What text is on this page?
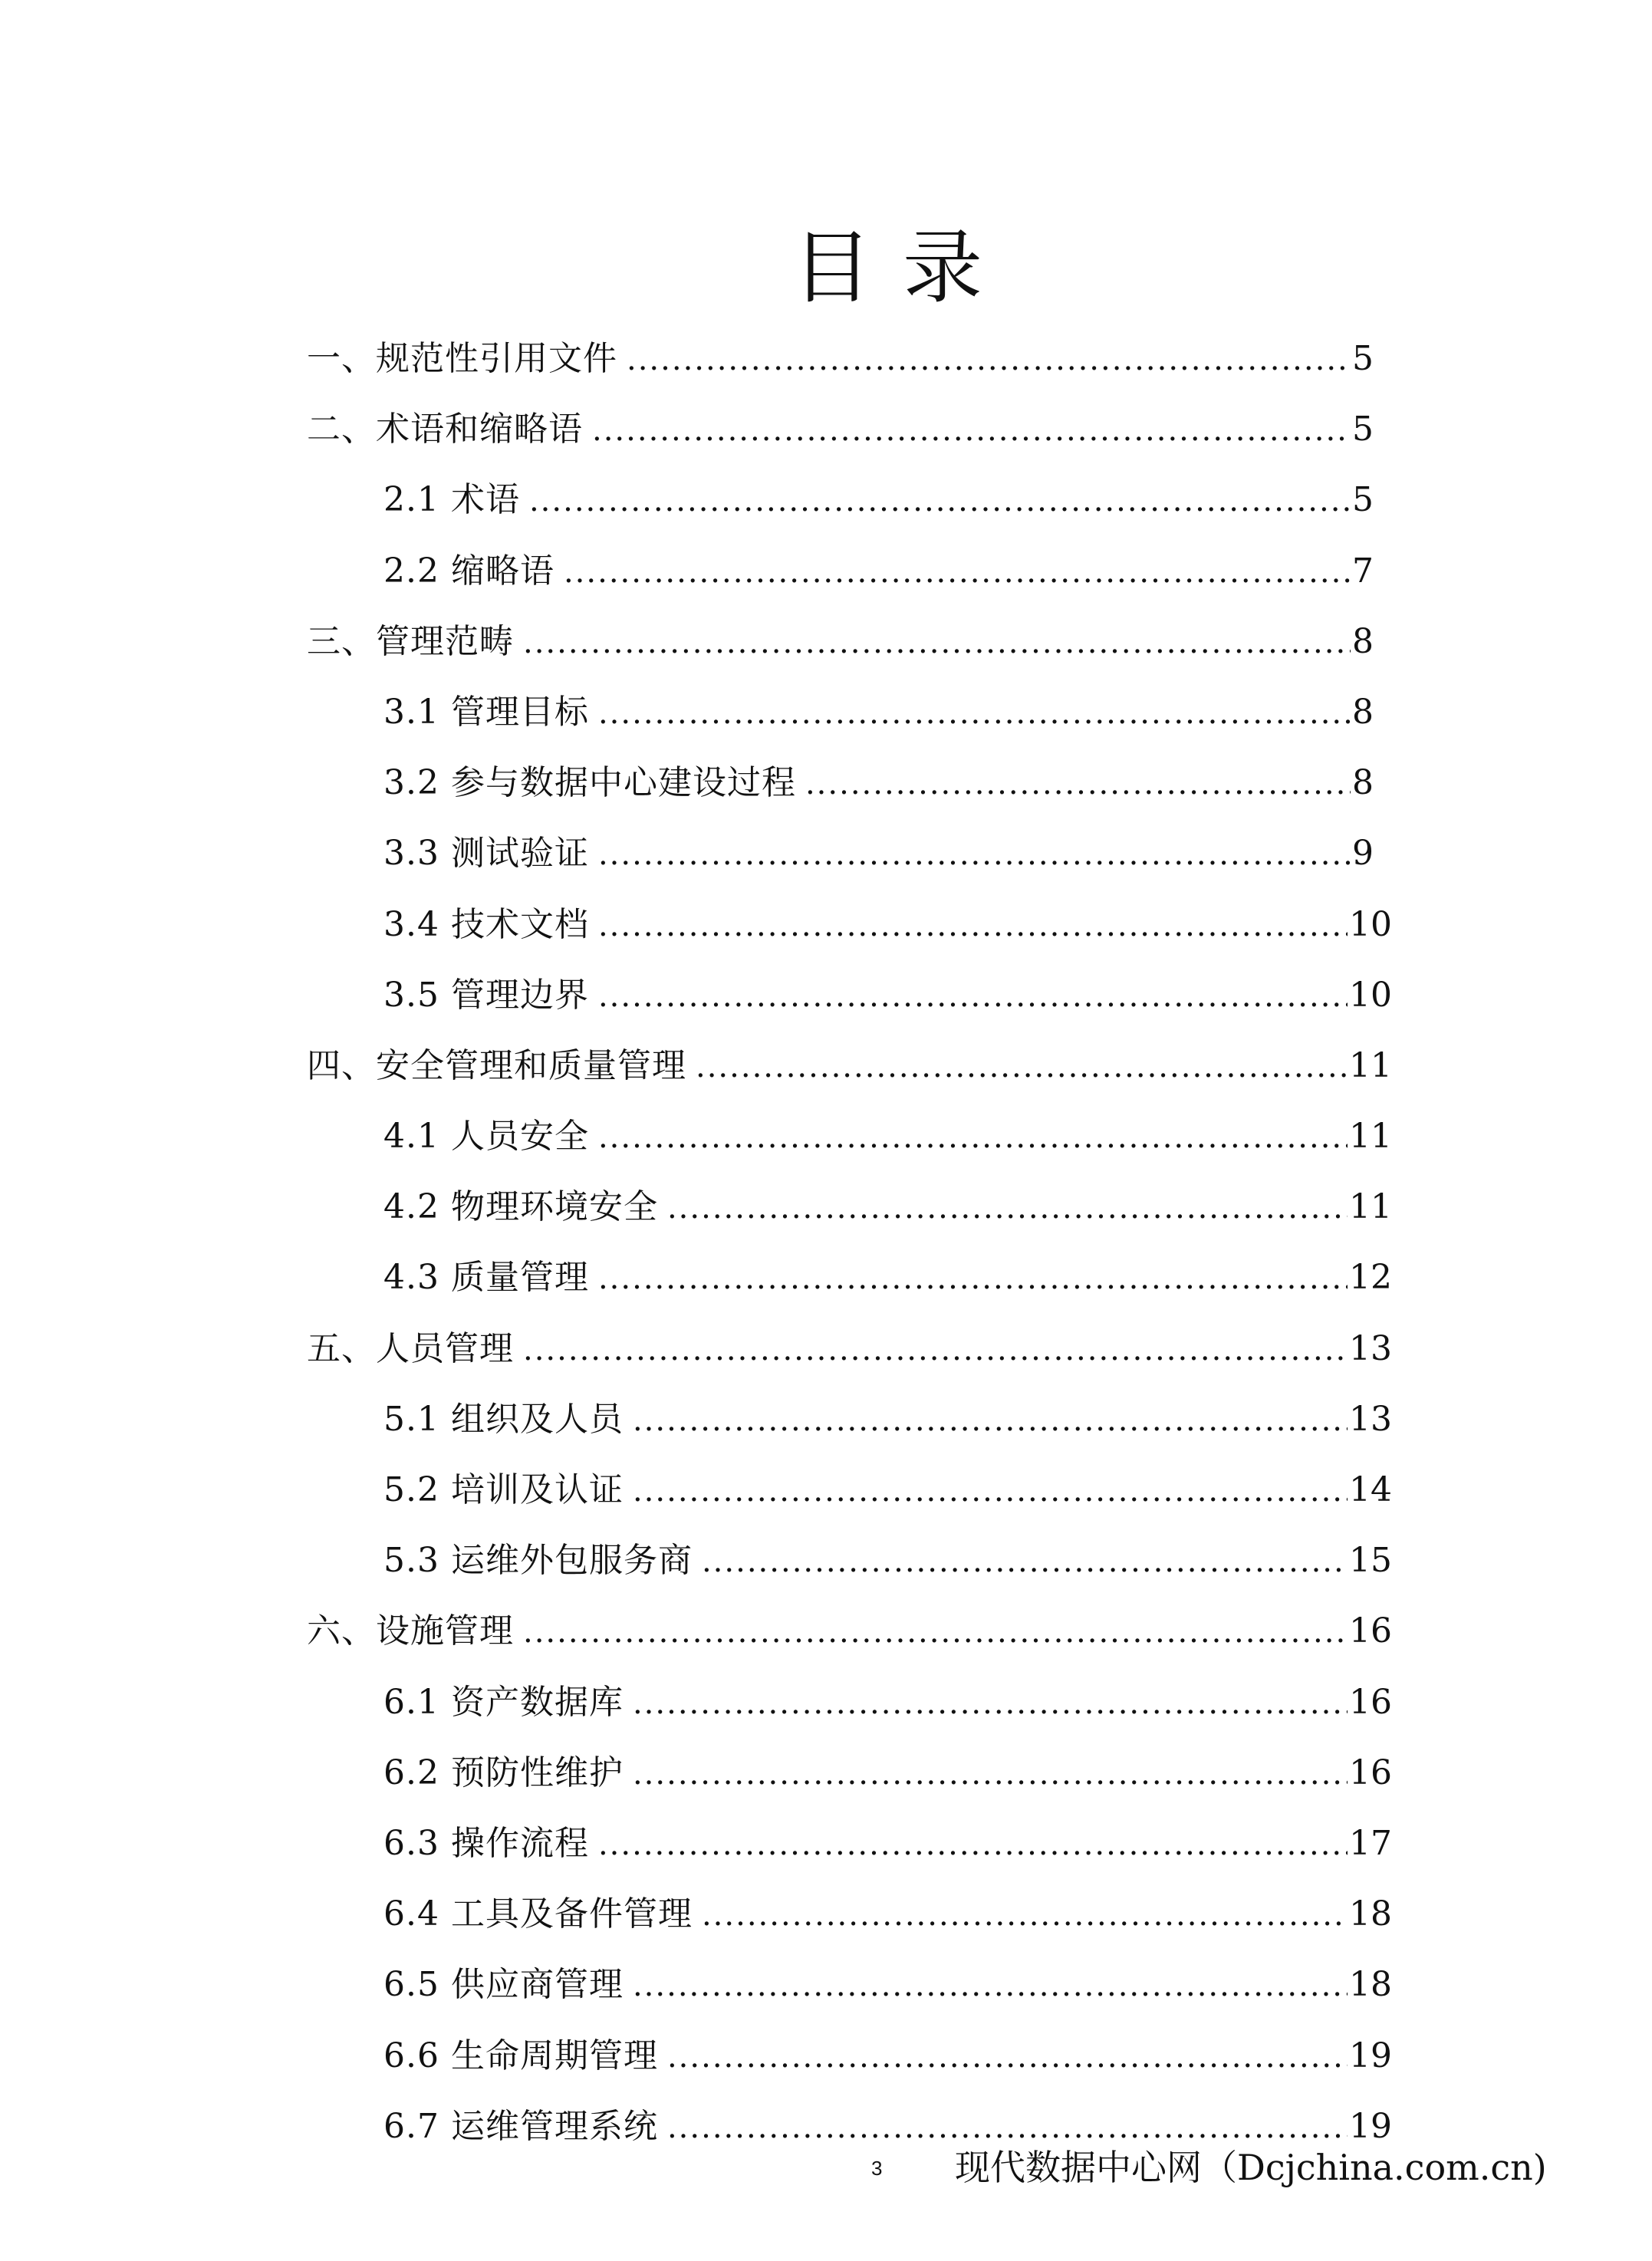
目录
一、规范性引用文件 .....	5
二、术语和缩略语 .....	5
2.1 术语 .....	5
2.2 缩略语 .....	7
三、管理范畴 .....	8
3.1 管理目标 .....	8
3.2 参与数据中心建设过程 .....	8
3.3 测试验证 .....	9
3.4 技术文档 .....	10
3.5 管理边界 .....	10
四、安全管理和质量管理 .....	11
4.1 人员安全 .....	11
4.2 物理环境安全 .....	11
4.3 质量管理 .....	12
五、人员管理 .....	13
5.1 组织及人员 .....	13
5.2 培训及认证 .....	14
5.3 运维外包服务商 .....	15
六、设施管理 .....	16
6.1 资产数据库 .....	16
6.2 预防性维护 .....	16
6.3 操作流程 .....	17
6.4 工具及备件管理 .....	18
6.5 供应商管理 .....	18
6.6 生命周期管理 .....	19
6.7 运维管理系统 .....	19
3 现代数据中心网（Dcjchina.com.cn)
